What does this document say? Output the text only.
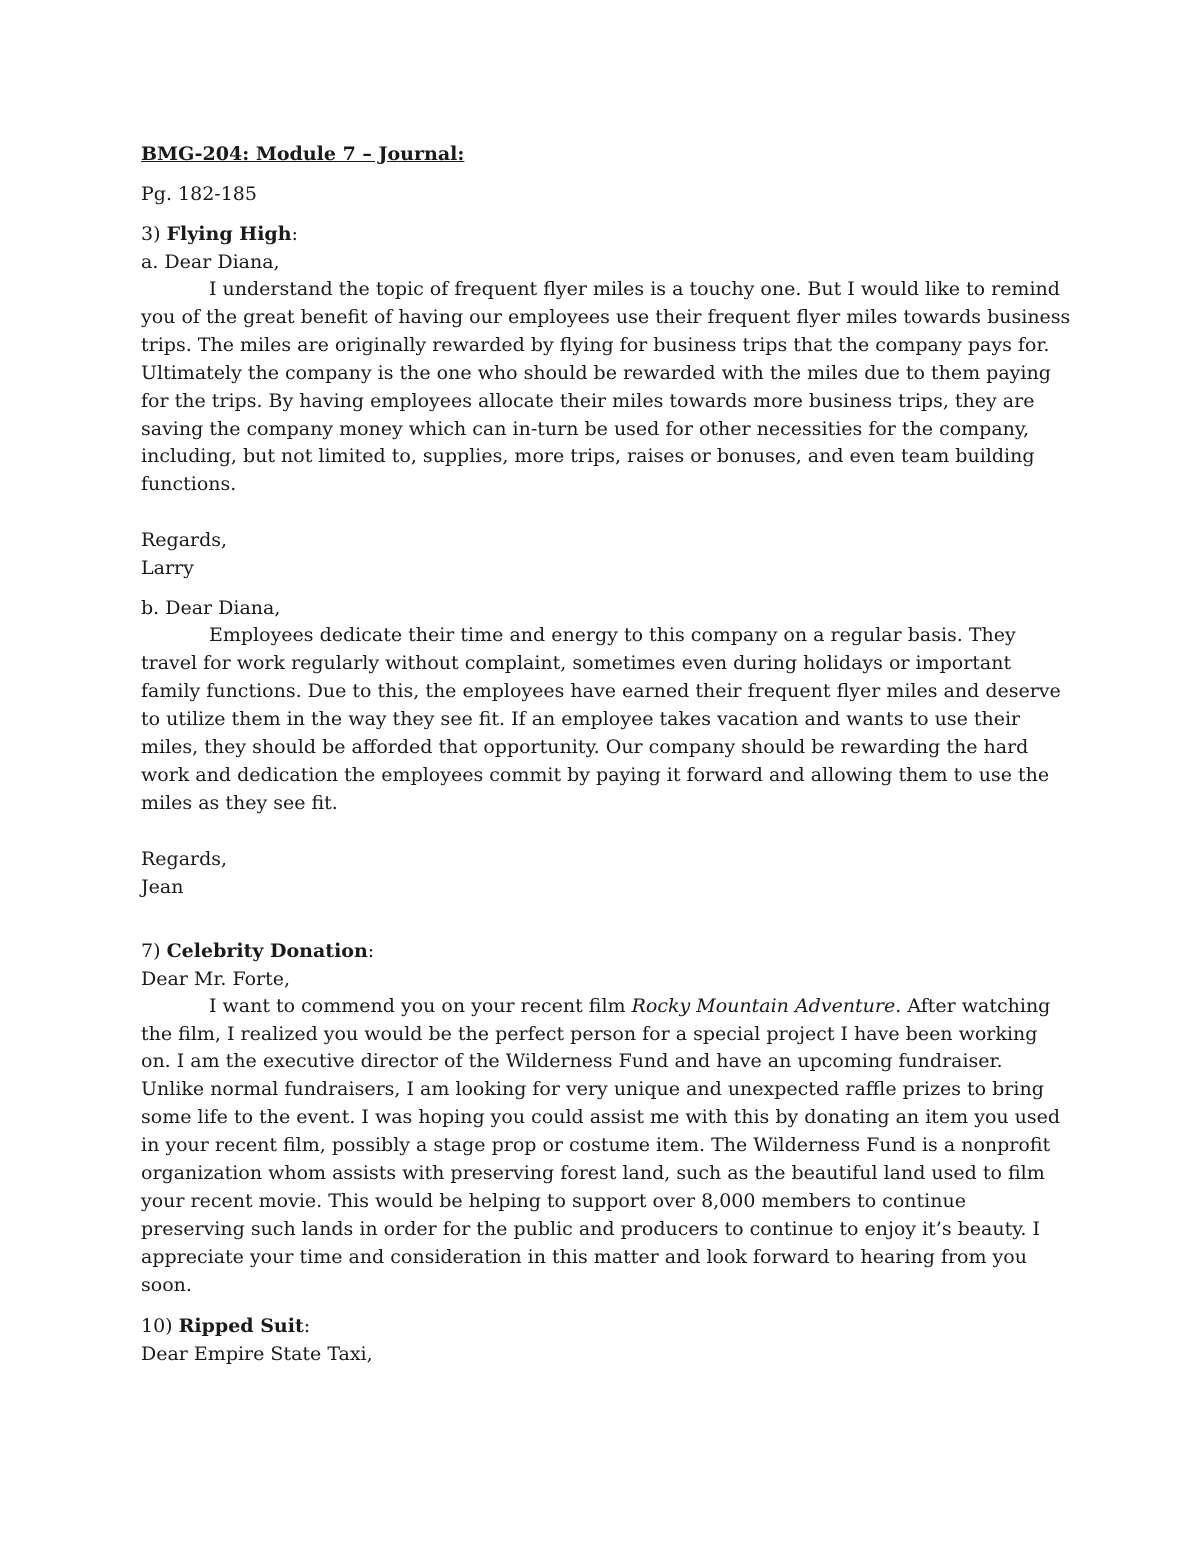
BMG-204: Module 7 – Journal:

Pg. 182-185

3) Flying High:

a. Dear Diana,

I understand the topic of frequent flyer miles is a touchy one. But I would like to remind you of the great benefit of having our employees use their frequent flyer miles towards business trips. The miles are originally rewarded by flying for business trips that the company pays for. Ultimately the company is the one who should be rewarded with the miles due to them paying for the trips. By having employees allocate their miles towards more business trips, they are saving the company money which can in-turn be used for other necessities for the company, including, but not limited to, supplies, more trips, raises or bonuses, and even team building functions.

Regards,

Larry

b. Dear Diana,

Employees dedicate their time and energy to this company on a regular basis. They travel for work regularly without complaint, sometimes even during holidays or important family functions. Due to this, the employees have earned their frequent flyer miles and deserve to utilize them in the way they see fit. If an employee takes vacation and wants to use their miles, they should be afforded that opportunity. Our company should be rewarding the hard work and dedication the employees commit by paying it forward and allowing them to use the miles as they see fit.

Regards,

Jean

7) Celebrity Donation:

Dear Mr. Forte,

I want to commend you on your recent film Rocky Mountain Adventure. After watching the film, I realized you would be the perfect person for a special project I have been working on. I am the executive director of the Wilderness Fund and have an upcoming fundraiser. Unlike normal fundraisers, I am looking for very unique and unexpected raffle prizes to bring some life to the event. I was hoping you could assist me with this by donating an item you used in your recent film, possibly a stage prop or costume item. The Wilderness Fund is a nonprofit organization whom assists with preserving forest land, such as the beautiful land used to film your recent movie. This would be helping to support over 8,000 members to continue preserving such lands in order for the public and producers to continue to enjoy it’s beauty. I appreciate your time and consideration in this matter and look forward to hearing from you soon.

10) Ripped Suit:

Dear Empire State Taxi,
